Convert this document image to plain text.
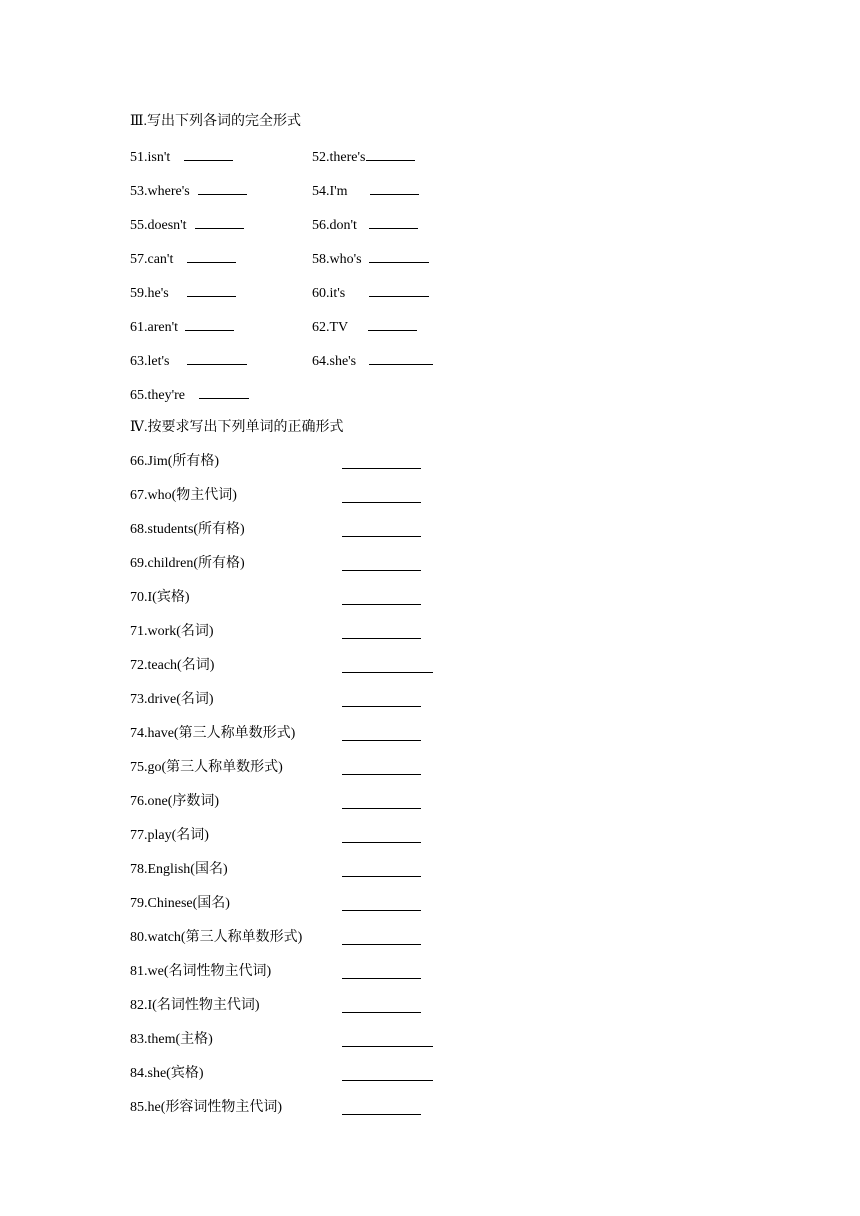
Ⅲ.写出下列各词的完全形式
51.isn't	52.there's
53.where's	54.I'm
55.doesn't	56.don't
57.can't	58.who's
59.he's	60.it's
61.aren't	62.TV
63.let's	64.she's
65.they're
Ⅳ.按要求写出下列单词的正确形式
66.Jim(所有格)
67.who(物主代词)
68.students(所有格)
69.children(所有格)
70.I(宾格)
71.work(名词)
72.teach(名词)
73.drive(名词)
74.have(第三人称单数形式)
75.go(第三人称单数形式)
76.one(序数词)
77.play(名词)
78.English(国名)
79.Chinese(国名)
80.watch(第三人称单数形式)
81.we(名词性物主代词)
82.I(名词性物主代词)
83.them(主格)
84.she(宾格)
85.he(形容词性物主代词)
